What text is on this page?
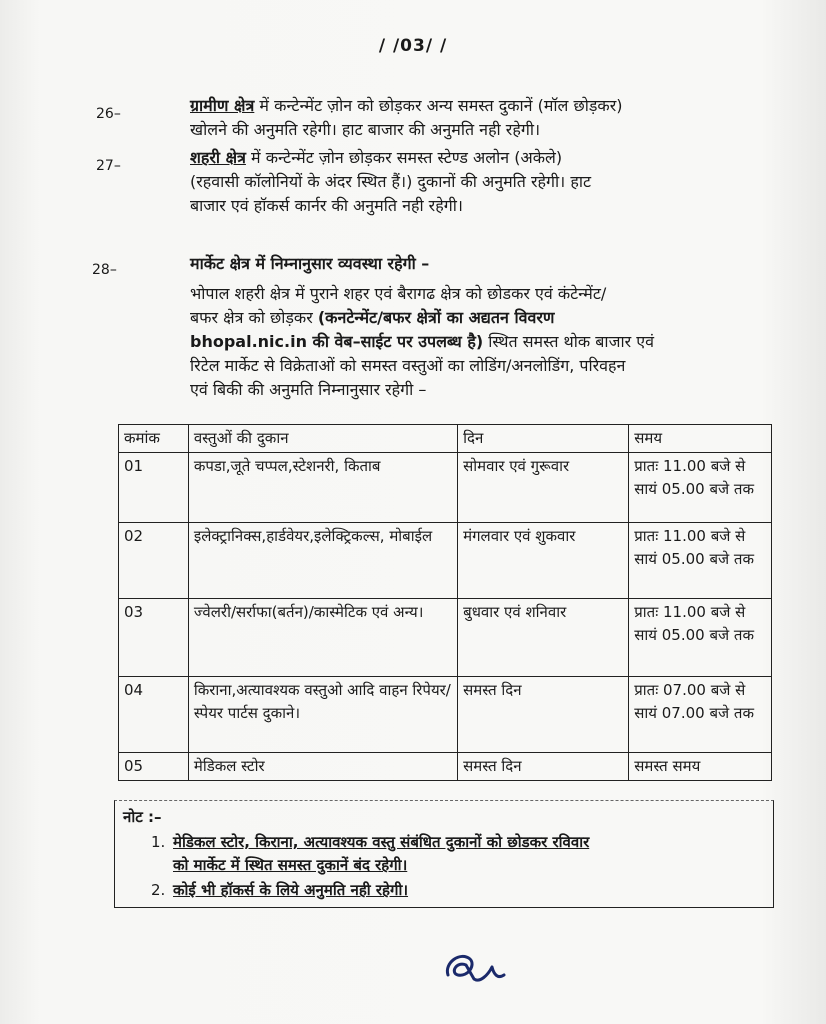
/ /03/ /
26–	ग्रामीण क्षेत्र में कन्टेन्मेंट ज़ोन को छोड़कर अन्य समस्त दुकानें (मॉल छोड़कर)
खोलने की अनुमति रहेगी। हाट बाजार की अनुमति नही रहेगी।
27–	शहरी क्षेत्र में कन्टेन्मेंट ज़ोन छोड़कर समस्त स्टेण्ड अलोन (अकेले)
(रहवासी कॉलोनियों के अंदर स्थित हैं।) दुकानों की अनुमति रहेगी। हाट
बाजार एवं हॉकर्स कार्नर की अनुमति नही रहेगी।
28–	मार्केट क्षेत्र में निम्नानुसार व्यवस्था रहेगी –
भोपाल शहरी क्षेत्र में पुराने शहर एवं बैरागढ क्षेत्र को छोडकर एवं कंटेन्मेंट/
बफर क्षेत्र को छोड़कर (कनटेन्मेंट/बफर क्षेत्रों का अद्यतन विवरण
bhopal.nic.in की वेब–साईट पर उपलब्ध है) स्थित समस्त थोक बाजार एवं
रिटेल मार्केट से विक्रेताओं को समस्त वस्तुओं का लोडिंग/अनलोडिंग, परिवहन
एवं बिकी की अनुमति निम्नानुसार रहेगी –
कमांक	वस्तुओं की दुकान	दिन	समय
01	कपडा,जूते चप्पल,स्टेशनरी, किताब	सोमवार एवं गुरूवार	प्रातः 11.00 बजे से सायं 05.00 बजे तक
02	इलेक्ट्रानिक्स,हार्डवेयर,इलेक्ट्रिकल्स, मोबाईल	मंगलवार एवं शुकवार	प्रातः 11.00 बजे से सायं 05.00 बजे तक
03	ज्वेलरी/सर्राफा(बर्तन)/कास्मेटिक एवं अन्य।	बुधवार एवं शनिवार	प्रातः 11.00 बजे से सायं 05.00 बजे तक
04	किराना,अत्यावश्यक वस्तुओ आदि वाहन रिपेयर/ स्पेयर पार्टस दुकाने।	समस्त दिन	प्रातः 07.00 बजे से सायं 07.00 बजे तक
05	मेडिकल स्टोर	समस्त दिन	समस्त समय
नोट :–
1. मेडिकल स्टोर, किराना, अत्यावश्यक वस्तु संबंधित दुकानों को छोडकर रविवार
को मार्केट में स्थित समस्त दुकानें बंद रहेगी।
2. कोई भी हॉकर्स के लिये अनुमति नही रहेगी।
